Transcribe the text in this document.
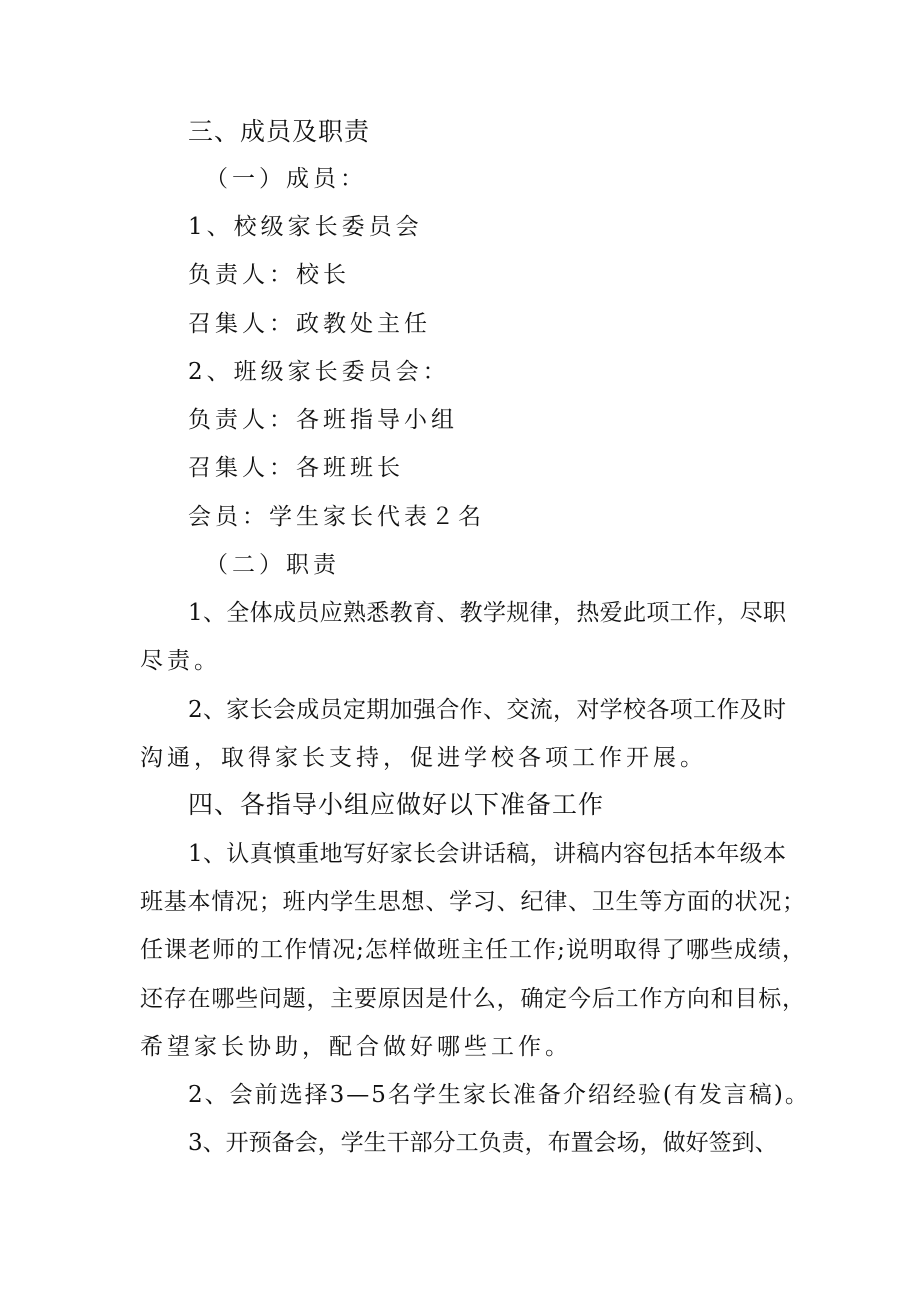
三、成员及职责
（一）成员：
1、校级家长委员会
负责人：校长
召集人：政教处主任
2、班级家长委员会：
负责人：各班指导小组
召集人：各班班长
会员：学生家长代表２名
（二）职责
1、全体成员应熟悉教育、教学规律，热爱此项工作，尽职
尽责。
2、家长会成员定期加强合作、交流，对学校各项工作及时
沟通，取得家长支持，促进学校各项工作开展。
四、各指导小组应做好以下准备工作
1、认真慎重地写好家长会讲话稿，讲稿内容包括本年级本
班基本情况；班内学生思想、学习、纪律、卫生等方面的状况；
任课老师的工作情况;怎样做班主任工作;说明取得了哪些成绩，
还存在哪些问题，主要原因是什么，确定今后工作方向和目标，
希望家长协助，配合做好哪些工作。
2、会前选择3—5名学生家长准备介绍经验(有发言稿)。
3、开预备会，学生干部分工负责，布置会场，做好签到、
